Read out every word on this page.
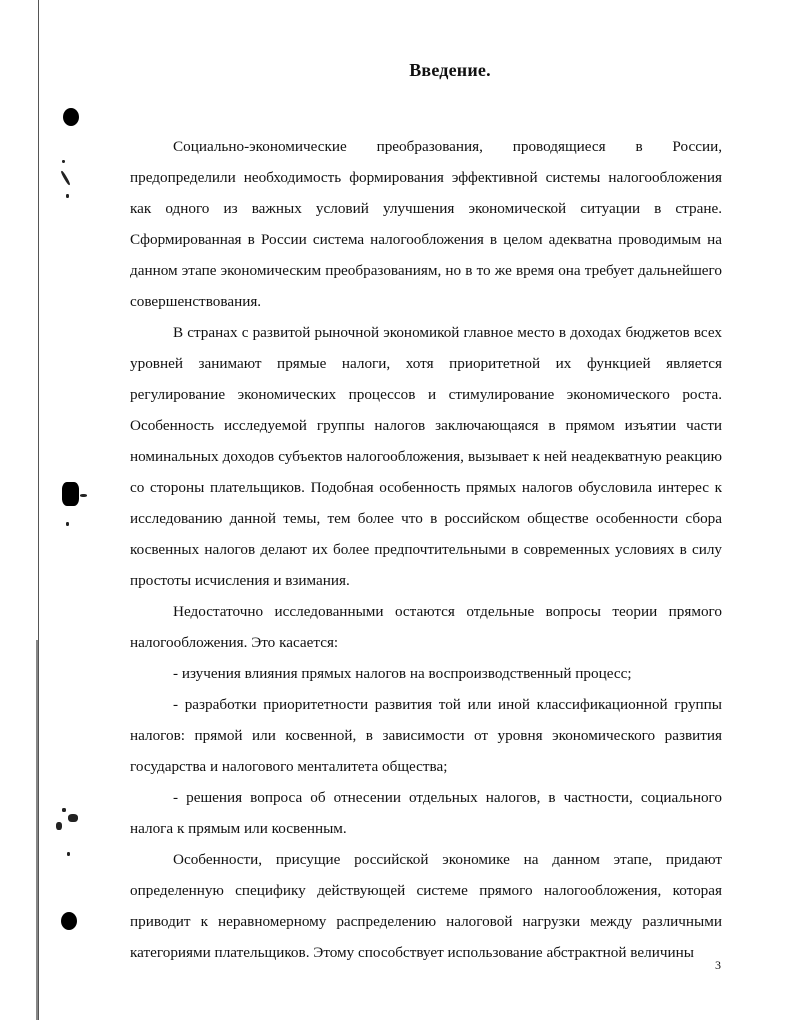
Введение.

Социально-экономические преобразования, проводящиеся в России, предопределили необходимость формирования эффективной системы налогообложения как одного из важных условий улучшения экономической ситуации в стране. Сформированная в России система налогообложения в целом адекватна проводимым на данном этапе экономическим преобразованиям, но в то же время она требует дальнейшего совершенствования.

В странах с развитой рыночной экономикой главное место в доходах бюджетов всех уровней занимают прямые налоги, хотя приоритетной их функцией является регулирование экономических процессов и стимулирование экономического роста. Особенность исследуемой группы налогов заключающаяся в прямом изъятии части номинальных доходов субъектов налогообложения, вызывает к ней неадекватную реакцию со стороны плательщиков. Подобная особенность прямых налогов обусловила интерес к исследованию данной темы, тем более что в российском обществе особенности сбора косвенных налогов делают их более предпочтительными в современных условиях в силу простоты исчисления и взимания.

Недостаточно исследованными остаются отдельные вопросы теории прямого налогообложения. Это касается:

- изучения влияния прямых налогов на воспроизводственный процесс;

- разработки приоритетности развития той или иной классификационной группы налогов: прямой или косвенной, в зависимости от уровня экономического развития государства и налогового менталитета общества;

- решения вопроса об отнесении отдельных налогов, в частности, социального налога к прямым или косвенным.

Особенности, присущие российской экономике на данном этапе, придают определенную специфику действующей системе прямого налогообложения, которая приводит к неравномерному распределению налоговой нагрузки между различными категориями плательщиков. Этому способствует использование абстрактной величины

3
